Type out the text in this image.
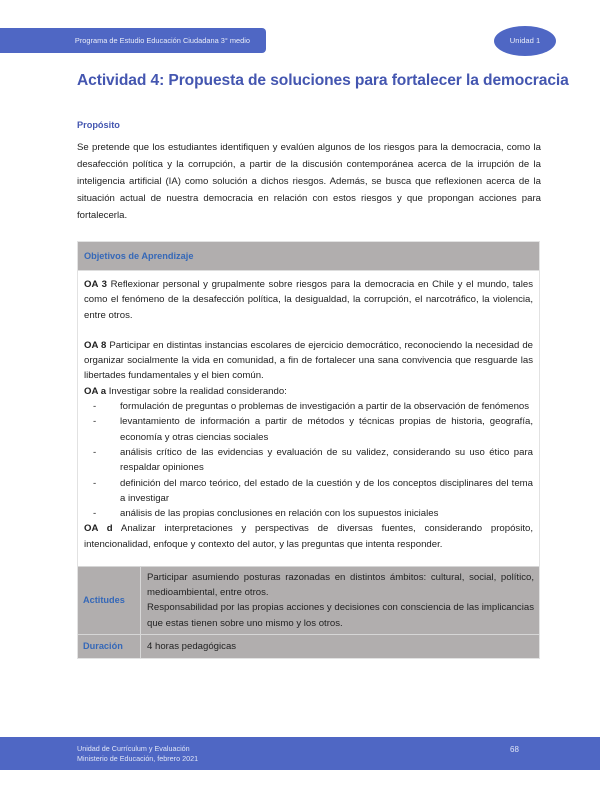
Programa de Estudio Educación Ciudadana 3° medio	Unidad 1
Actividad 4: Propuesta de soluciones para fortalecer la democracia
Propósito

Se pretende que los estudiantes identifiquen y evalúen algunos de los riesgos para la democracia, como la desafección política y la corrupción, a partir de la discusión contemporánea acerca de la irrupción de la inteligencia artificial (IA) como solución a dichos riesgos. Además, se busca que reflexionen acerca de la situación actual de nuestra democracia en relación con estos riesgos y que propongan acciones para fortalecerla.

Objetivos de Aprendizaje

OA 3 Reflexionar personal y grupalmente sobre riesgos para la democracia en Chile y el mundo, tales como el fenómeno de la desafección política, la desigualdad, la corrupción, el narcotráfico, la violencia, entre otros.

OA 8 Participar en distintas instancias escolares de ejercicio democrático, reconociendo la necesidad de organizar socialmente la vida en comunidad, a fin de fortalecer una sana convivencia que resguarde las libertades fundamentales y el bien común.

OA a Investigar sobre la realidad considerando:

- formulación de preguntas o problemas de investigación a partir de la observación de fenómenos
- levantamiento de información a partir de métodos y técnicas propias de historia, geografía, economía y otras ciencias sociales
- análisis crítico de las evidencias y evaluación de su validez, considerando su uso ético para respaldar opiniones
- definición del marco teórico, del estado de la cuestión y de los conceptos disciplinares del tema a investigar
- análisis de las propias conclusiones en relación con los supuestos iniciales

OA d Analizar interpretaciones y perspectivas de diversas fuentes, considerando propósito, intencionalidad, enfoque y contexto del autor, y las preguntas que intenta responder.

Actitudes
Participar asumiendo posturas razonadas en distintos ámbitos: cultural, social, político, medioambiental, entre otros.
Responsabilidad por las propias acciones y decisiones con consciencia de las implicancias que estas tienen sobre uno mismo y los otros.
Duración	4 horas pedagógicas
Unidad de Currículum y Evaluación
Ministerio de Educación, febrero 2021
68
